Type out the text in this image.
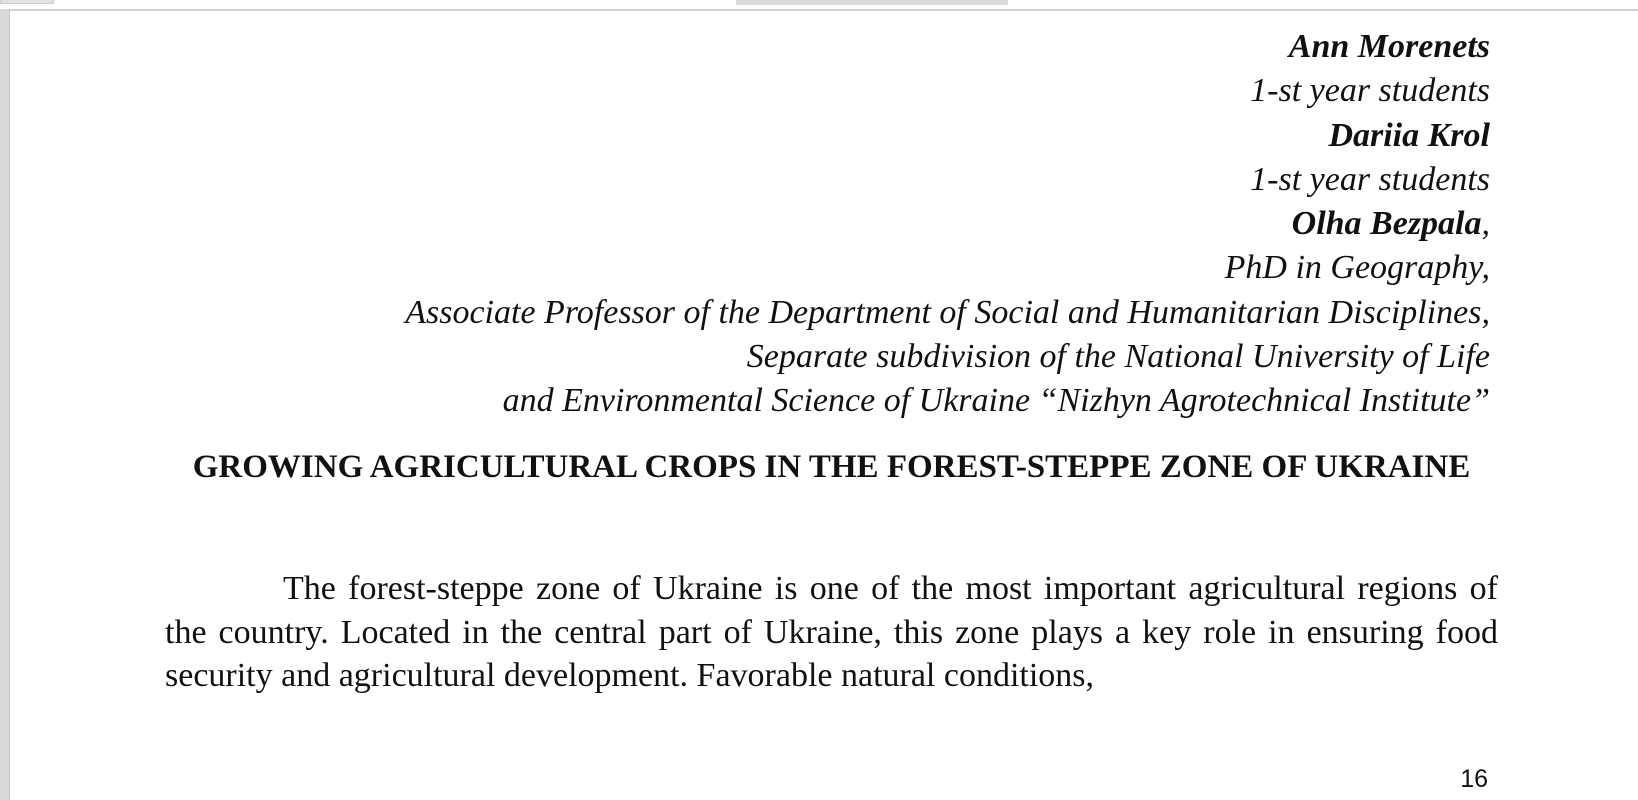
Ann Morenets
1-st year students
Dariia Krol
1-st year students
Olha Bezpala,
PhD in Geography,
Associate Professor of the Department of Social and Humanitarian Disciplines,
Separate subdivision of the National University of Life
and Environmental Science of Ukraine “Nizhyn Agrotechnical Institute”
GROWING AGRICULTURAL CROPS IN THE FOREST-STEPPE ZONE OF UKRAINE

The forest-steppe zone of Ukraine is one of the most important agricultural regions of the country. Located in the central part of Ukraine, this zone plays a key role in ensuring food security and agricultural development. Favorable natural conditions,

16
